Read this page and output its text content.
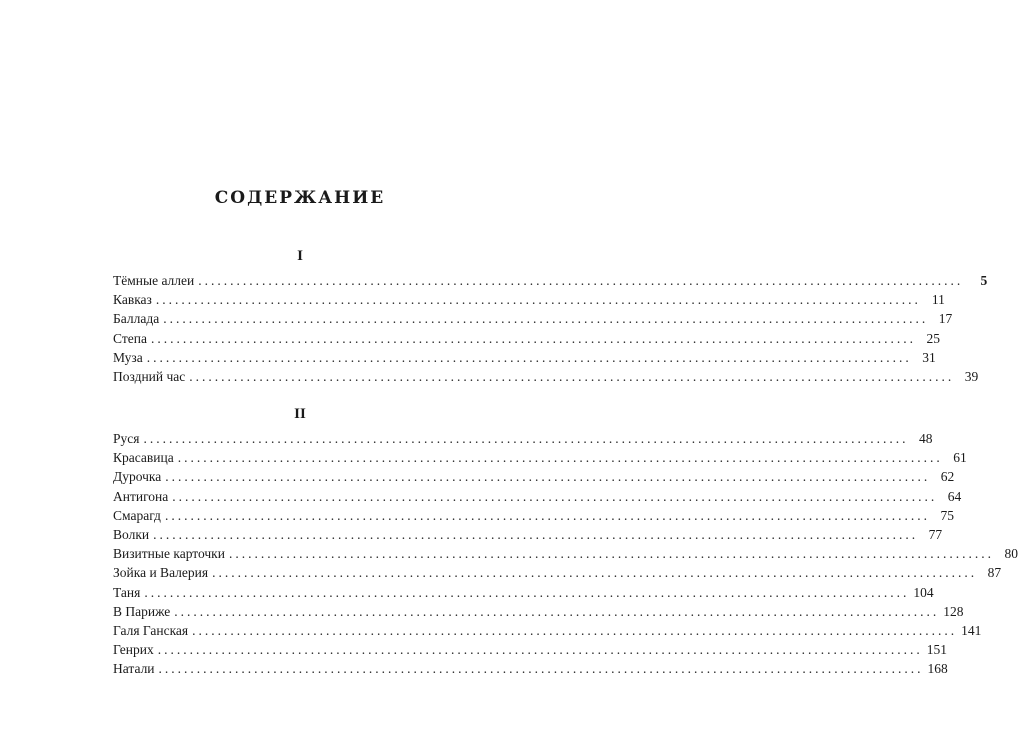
СОДЕРЖАНИЕ
I
Тёмные аллеи ........................................................................................................................	5
Кавказ ........................................................................................................................ 11
Баллада ........................................................................................................................ 17
Степа ........................................................................................................................ 25
Муза ........................................................................................................................ 31
Поздний час ........................................................................................................................ 39
II
Руся ........................................................................................................................ 48
Красавица ........................................................................................................................ 61
Дурочка ........................................................................................................................ 62
Антигона ........................................................................................................................ 64
Смарагд ........................................................................................................................ 75
Волки ........................................................................................................................ 77
Визитные карточки ........................................................................................................................ 80
Зойка и Валерия ........................................................................................................................ 87
Таня ........................................................................................................................ 104
В Париже ........................................................................................................................ 128
Галя Ганская ........................................................................................................................ 141
Генрих ........................................................................................................................ 151
Натали ........................................................................................................................ 168
